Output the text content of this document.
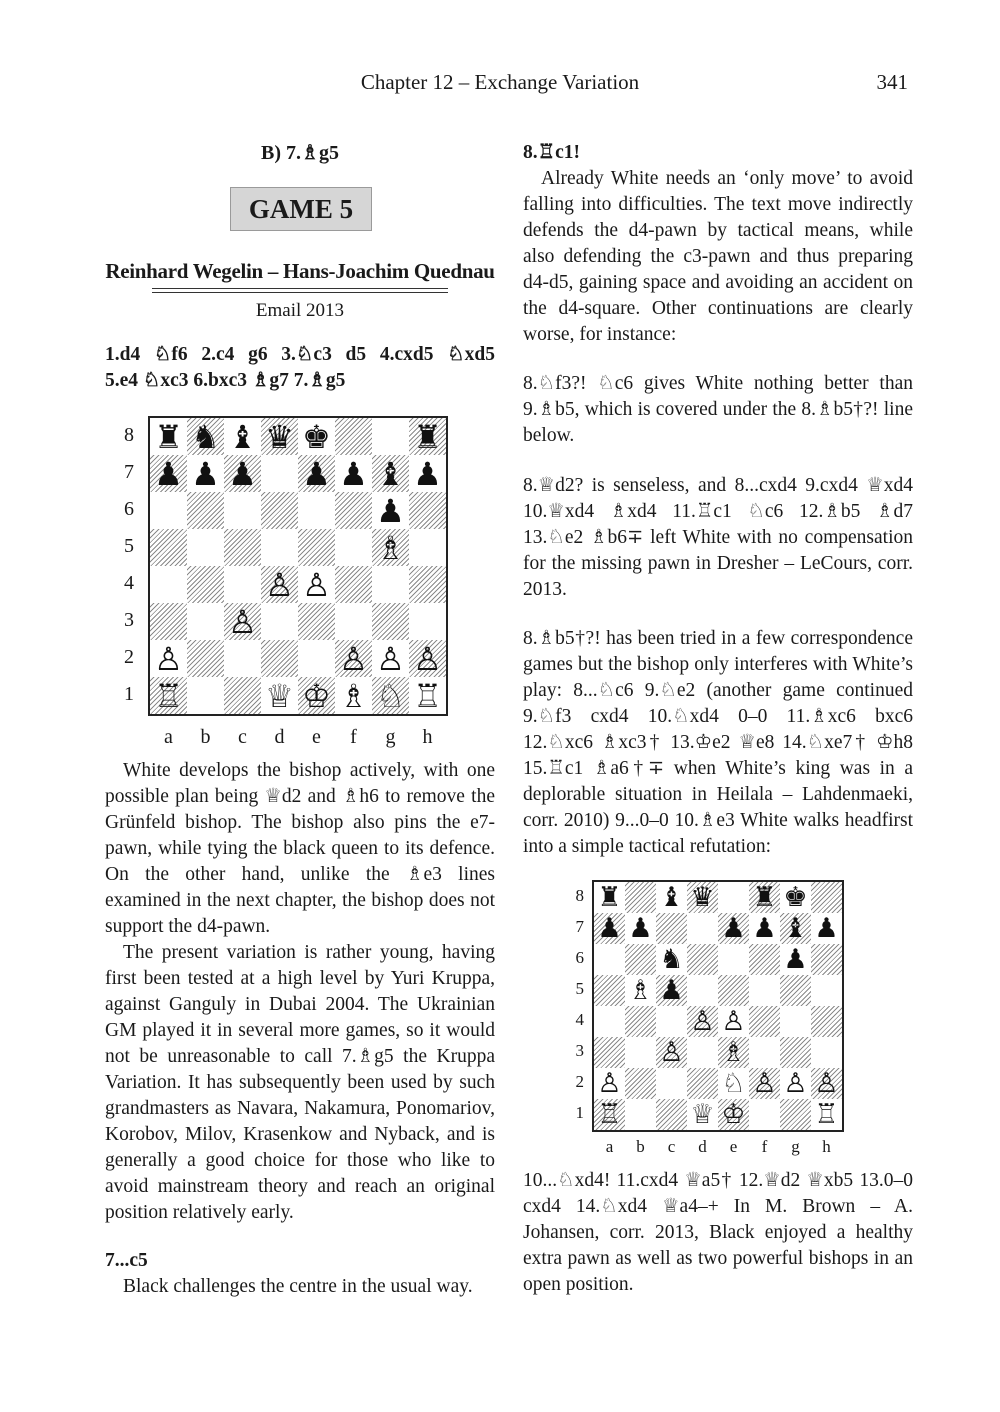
Chapter 12 – Exchange Variation	341
B) 7.♗g5
GAME 5
Reinhard Wegelin – Hans-Joachim Quednau
Email 2013
1.d4 ♘f6 2.c4 g6 3.♘c3 d5 4.cxd5 ♘xd5
5.e4 ♘xc3 6.bxc3 ♗g7 7.♗g5
8
7
6
5
4
3
2
1
♜ ♞ ♝ ♛ ♚	♜
♟ ♟ ♟ ♟ ♟ ♝ ♟
♟
♗
♙ ♙
♙
♙	♙ ♙ ♙
♖	♕ ♔ ♗ ♘ ♖
a	b	c	d	e	f	g	h
White develops the bishop actively, with one possible plan being ♕d2 and ♗h6 to remove the Grünfeld bishop. The bishop also pins the e7-pawn, while tying the black queen to its defence. On the other hand, unlike the ♗e3 lines examined in the next chapter, the bishop does not support the d4-pawn.
The present variation is rather young, having first been tested at a high level by Yuri Kruppa, against Ganguly in Dubai 2004. The Ukrainian GM played it in several more games, so it would not be unreasonable to call 7.♗g5 the Kruppa Variation. It has subsequently been used by such grandmasters as Navara, Nakamura, Ponomariov, Korobov, Milov, Krasenkow and Nyback, and is generally a good choice for those who like to avoid mainstream theory and reach an original position relatively early.
7...c5
Black challenges the centre in the usual way.
8.♖c1!
Already White needs an ‘only move’ to avoid falling into difficulties. The text move indirectly defends the d4-pawn by tactical means, while also defending the c3-pawn and thus preparing d4-d5, gaining space and avoiding an accident on the d4-square. Other continuations are clearly worse, for instance:
8.♘f3?! ♘c6 gives White nothing better than 9.♗b5, which is covered under the 8.♗b5†?! line below.
8.♕d2? is senseless, and 8...cxd4 9.cxd4 ♕xd4 10.♕xd4 ♗xd4 11.♖c1 ♘c6 12.♗b5 ♗d7 13.♘e2 ♗b6∓ left White with no compensation for the missing pawn in Dresher – LeCours, corr. 2013.
8.♗b5†?! has been tried in a few correspondence games but the bishop only interferes with White’s play: 8...♘c6 9.♘e2 (another game continued 9.♘f3 cxd4 10.♘xd4 0–0 11.♗xc6 bxc6 12.♘xc6 ♗xc3† 13.♔e2 ♕e8 14.♘xe7† ♔h8 15.♖c1 ♗a6†∓ when White’s king was in a deplorable situation in Heilala – Lahdenmaeki, corr. 2010) 9...0–0 10.♗e3 White walks headfirst into a simple tactical refutation:
8
7
6
5
4
3
2
1
♜ ♝ ♛ ♜ ♚
♟ ♟	♟ ♟ ♝ ♟
♞	♟
♗ ♟
♙ ♙
♙ ♗
♙	♘ ♙ ♙ ♙
♖	♕ ♔	♖
a	b	c	d	e	f	g	h
10...♘xd4! 11.cxd4 ♕a5† 12.♕d2 ♕xb5 13.0–0 cxd4 14.♘xd4 ♕a4–+ In M. Brown – A. Johansen, corr. 2013, Black enjoyed a healthy extra pawn as well as two powerful bishops in an open position.
